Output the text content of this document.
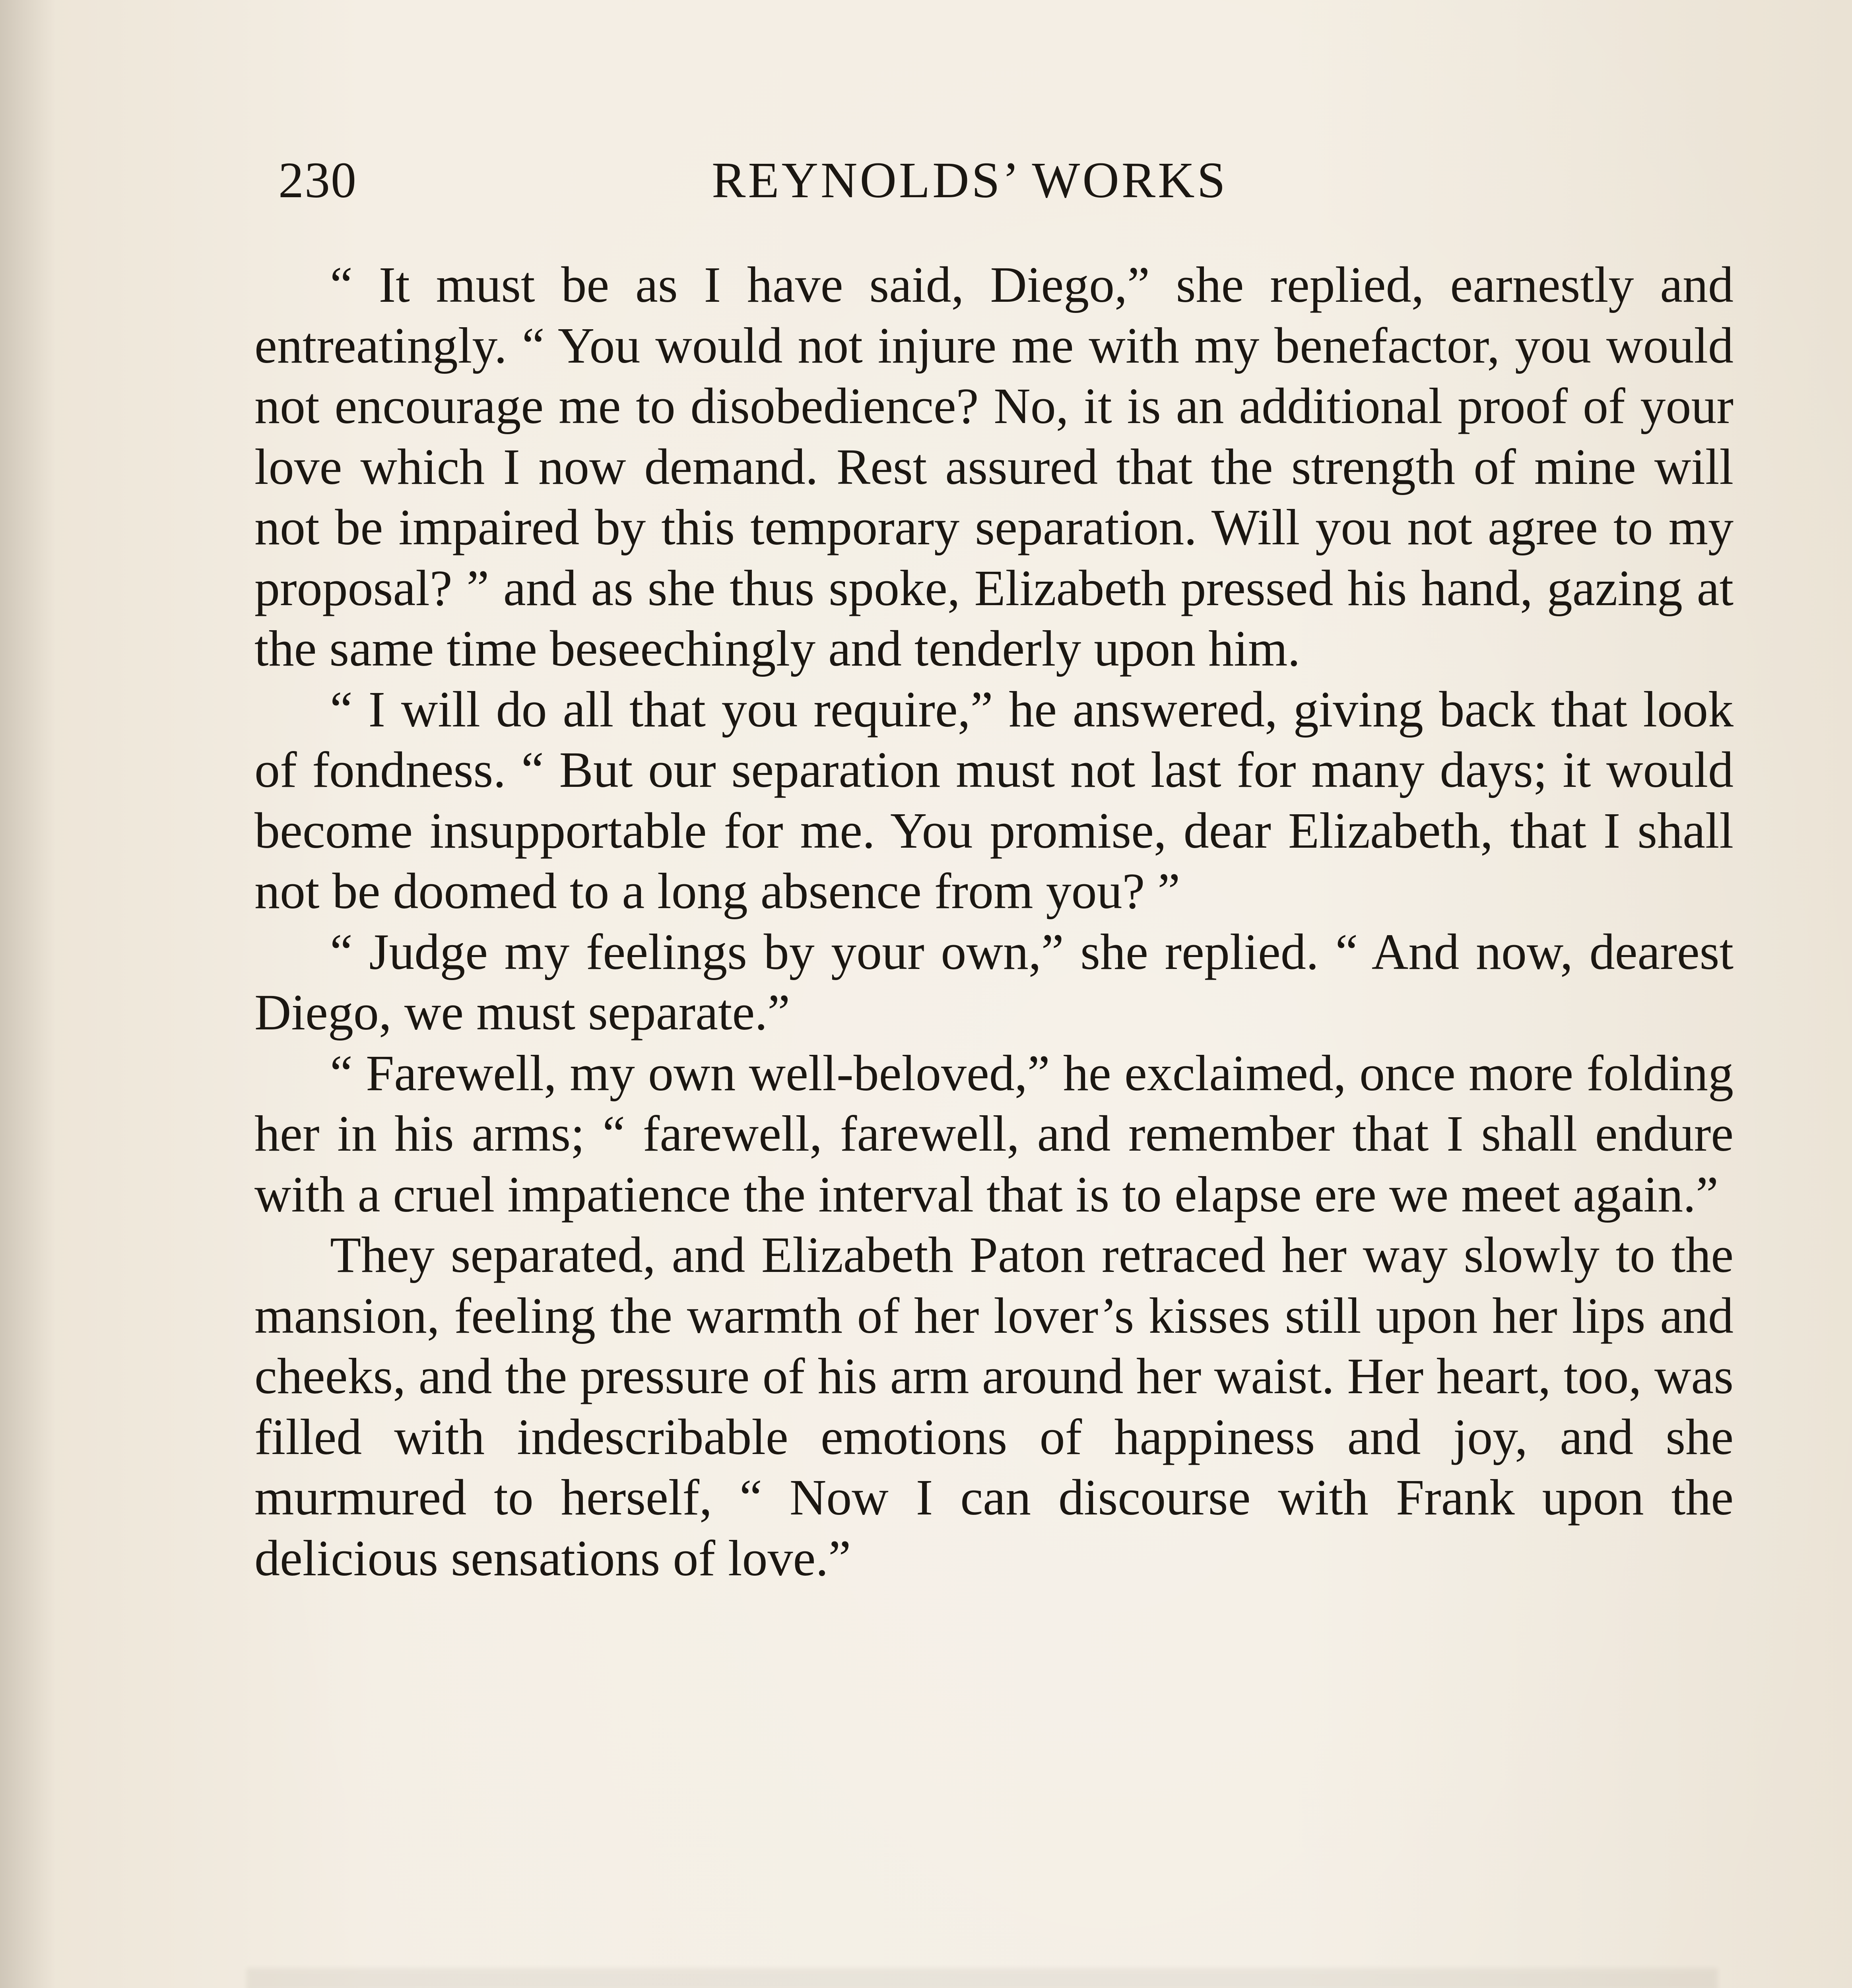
230	REYNOLDS’ WORKS

“ It must be as I have said, Diego,” she replied, earnestly and entreatingly. “ You would not injure me with my benefactor, you would not encourage me to disobedience? No, it is an additional proof of your love which I now demand. Rest assured that the strength of mine will not be impaired by this temporary separation. Will you not agree to my proposal? ” and as she thus spoke, Elizabeth pressed his hand, gazing at the same time beseechingly and tenderly upon him.

“ I will do all that you require,” he answered, giving back that look of fondness. “ But our separation must not last for many days; it would become insupportable for me. You promise, dear Elizabeth, that I shall not be doomed to a long absence from you? ”

“ Judge my feelings by your own,” she replied. “ And now, dearest Diego, we must separate.”

“ Farewell, my own well-beloved,” he exclaimed, once more folding her in his arms; “ farewell, farewell, and remember that I shall endure with a cruel impatience the interval that is to elapse ere we meet again.”

They separated, and Elizabeth Paton retraced her way slowly to the mansion, feeling the warmth of her lover’s kisses still upon her lips and cheeks, and the pressure of his arm around her waist. Her heart, too, was filled with indescribable emotions of happiness and joy, and she murmured to herself, “ Now I can discourse with Frank upon the delicious sensations of love.”
